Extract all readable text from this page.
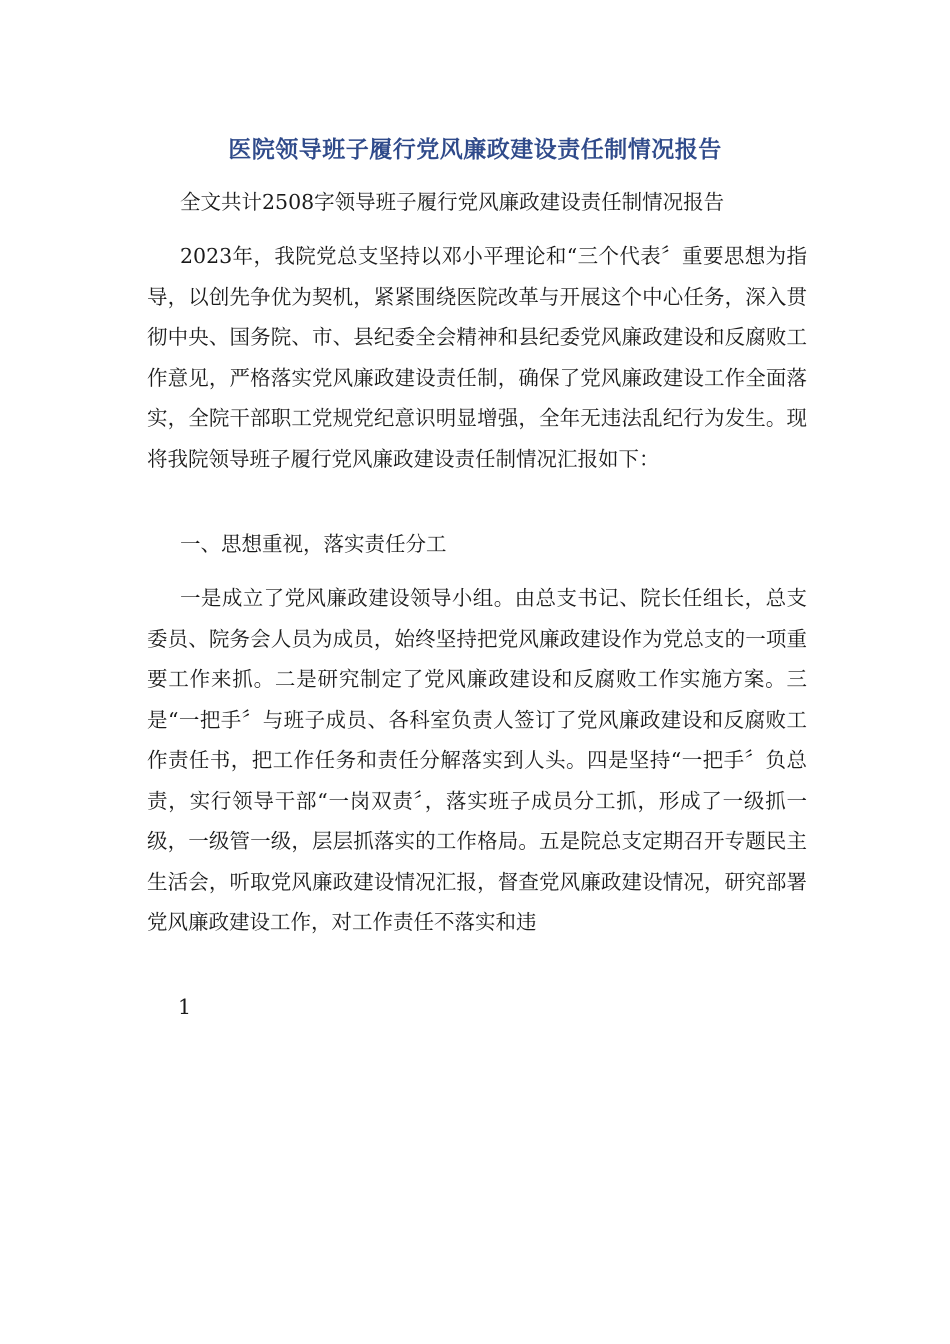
医院领导班子履行党风廉政建设责任制情况报告

全文共计2508字领导班子履行党风廉政建设责任制情况报告

2023年，我院党总支坚持以邓小平理论和“三个代表〞重要思想为指导，以创先争优为契机，紧紧围绕医院改革与开展这个中心任务，深入贯彻中央、国务院、市、县纪委全会精神和县纪委党风廉政建设和反腐败工作意见，严格落实党风廉政建设责任制，确保了党风廉政建设工作全面落实，全院干部职工党规党纪意识明显增强，全年无违法乱纪行为发生。现将我院领导班子履行党风廉政建设责任制情况汇报如下：

一、思想重视，落实责任分工

一是成立了党风廉政建设领导小组。由总支书记、院长任组长，总支委员、院务会人员为成员，始终坚持把党风廉政建设作为党总支的一项重要工作来抓。二是研究制定了党风廉政建设和反腐败工作实施方案。三是“一把手〞与班子成员、各科室负责人签订了党风廉政建设和反腐败工作责任书，把工作任务和责任分解落实到人头。四是坚持“一把手〞负总责，实行领导干部“一岗双责〞，落实班子成员分工抓，形成了一级抓一级，一级管一级，层层抓落实的工作格局。五是院总支定期召开专题民主生活会，听取党风廉政建设情况汇报，督查党风廉政建设情况，研究部署党风廉政建设工作，对工作责任不落实和违

1
